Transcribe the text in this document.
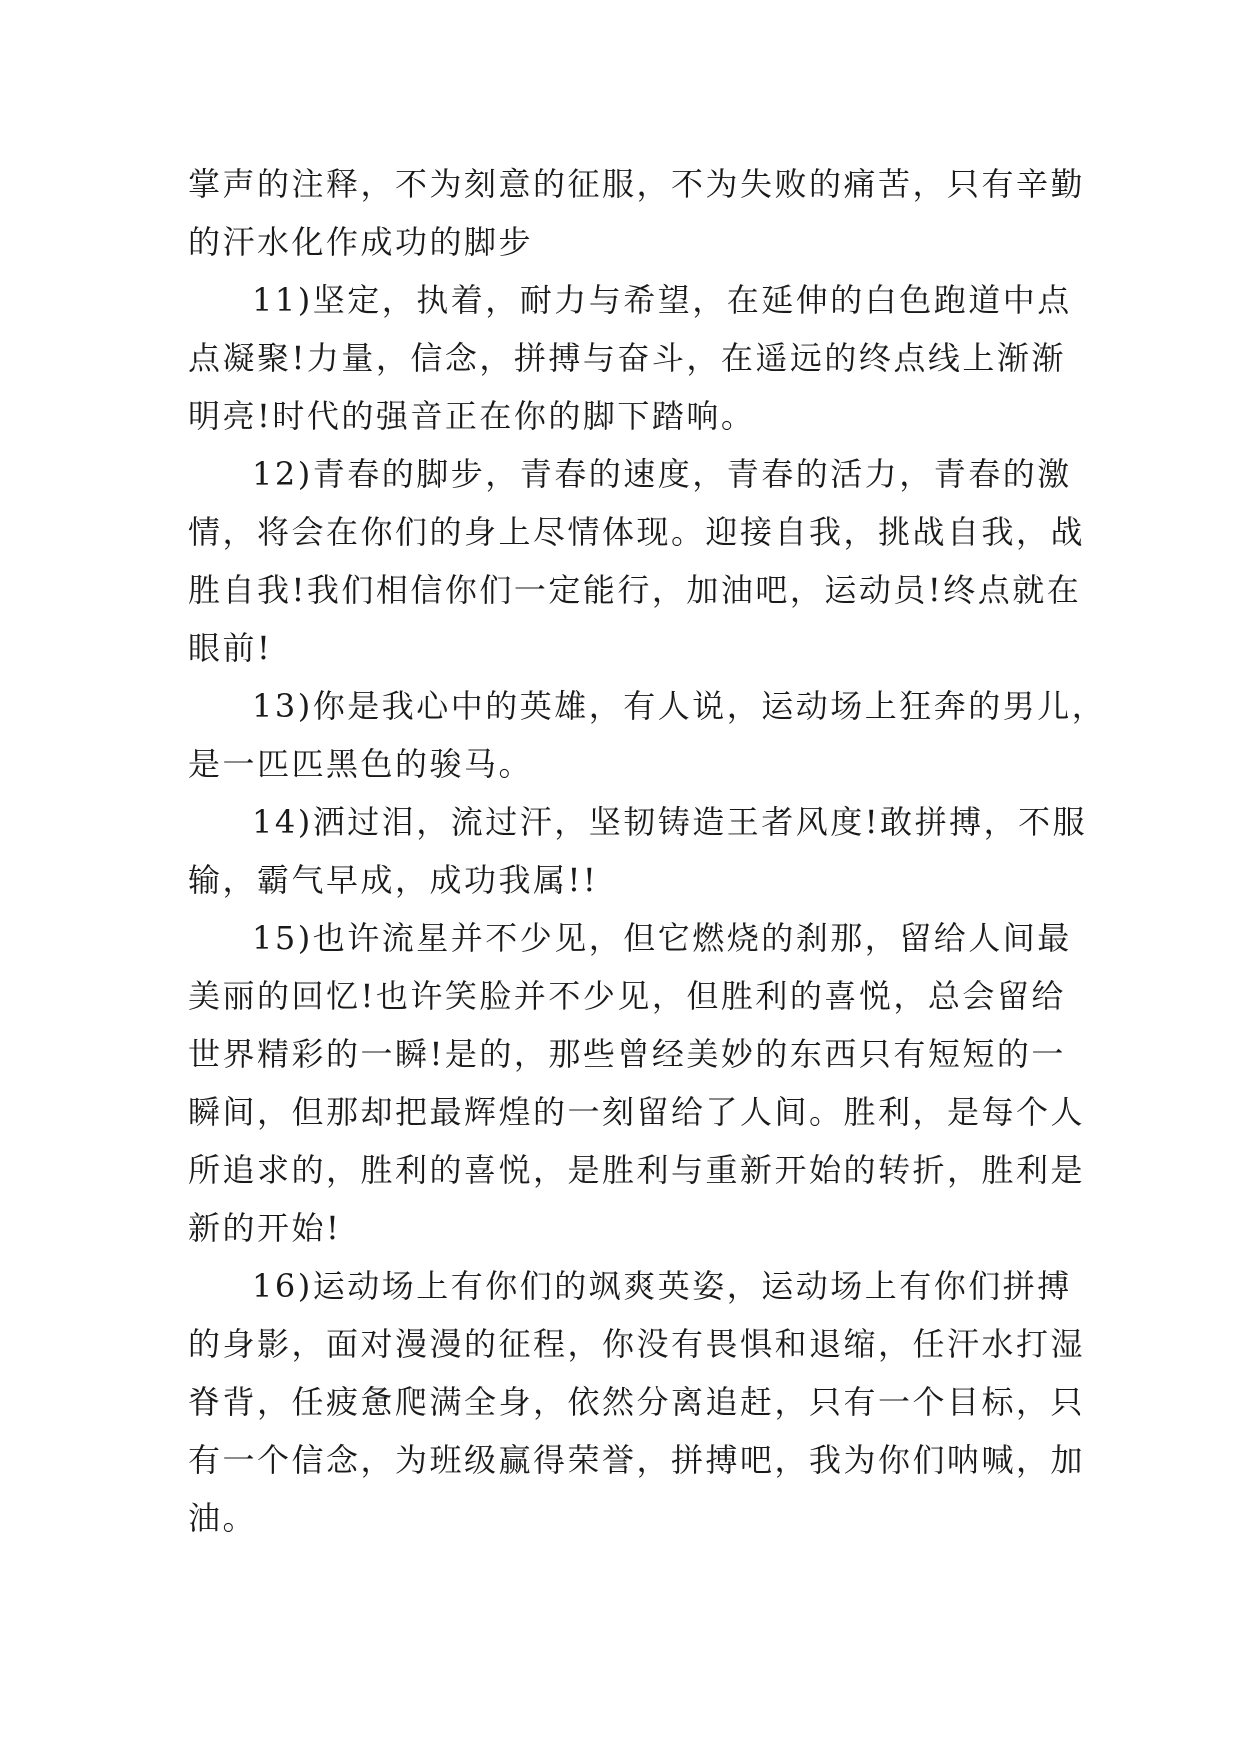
掌声的注释，不为刻意的征服，不为失败的痛苦，只有辛勤
的汗水化作成功的脚步
11)坚定，执着，耐力与希望，在延伸的白色跑道中点
点凝聚!力量，信念，拼搏与奋斗，在遥远的终点线上渐渐
明亮!时代的强音正在你的脚下踏响。
12)青春的脚步，青春的速度，青春的活力，青春的激
情，将会在你们的身上尽情体现。迎接自我，挑战自我，战
胜自我!我们相信你们一定能行，加油吧，运动员!终点就在
眼前!
13)你是我心中的英雄，有人说，运动场上狂奔的男儿，
是一匹匹黑色的骏马。
14)洒过泪，流过汗，坚韧铸造王者风度!敢拼搏，不服
输，霸气早成，成功我属!!
15)也许流星并不少见，但它燃烧的刹那，留给人间最
美丽的回忆!也许笑脸并不少见，但胜利的喜悦，总会留给
世界精彩的一瞬!是的，那些曾经美妙的东西只有短短的一
瞬间，但那却把最辉煌的一刻留给了人间。胜利，是每个人
所追求的，胜利的喜悦，是胜利与重新开始的转折，胜利是
新的开始!
16)运动场上有你们的飒爽英姿，运动场上有你们拼搏
的身影，面对漫漫的征程，你没有畏惧和退缩，任汗水打湿
脊背，任疲惫爬满全身，依然分离追赶，只有一个目标，只
有一个信念，为班级赢得荣誉，拼搏吧，我为你们呐喊，加
油。
